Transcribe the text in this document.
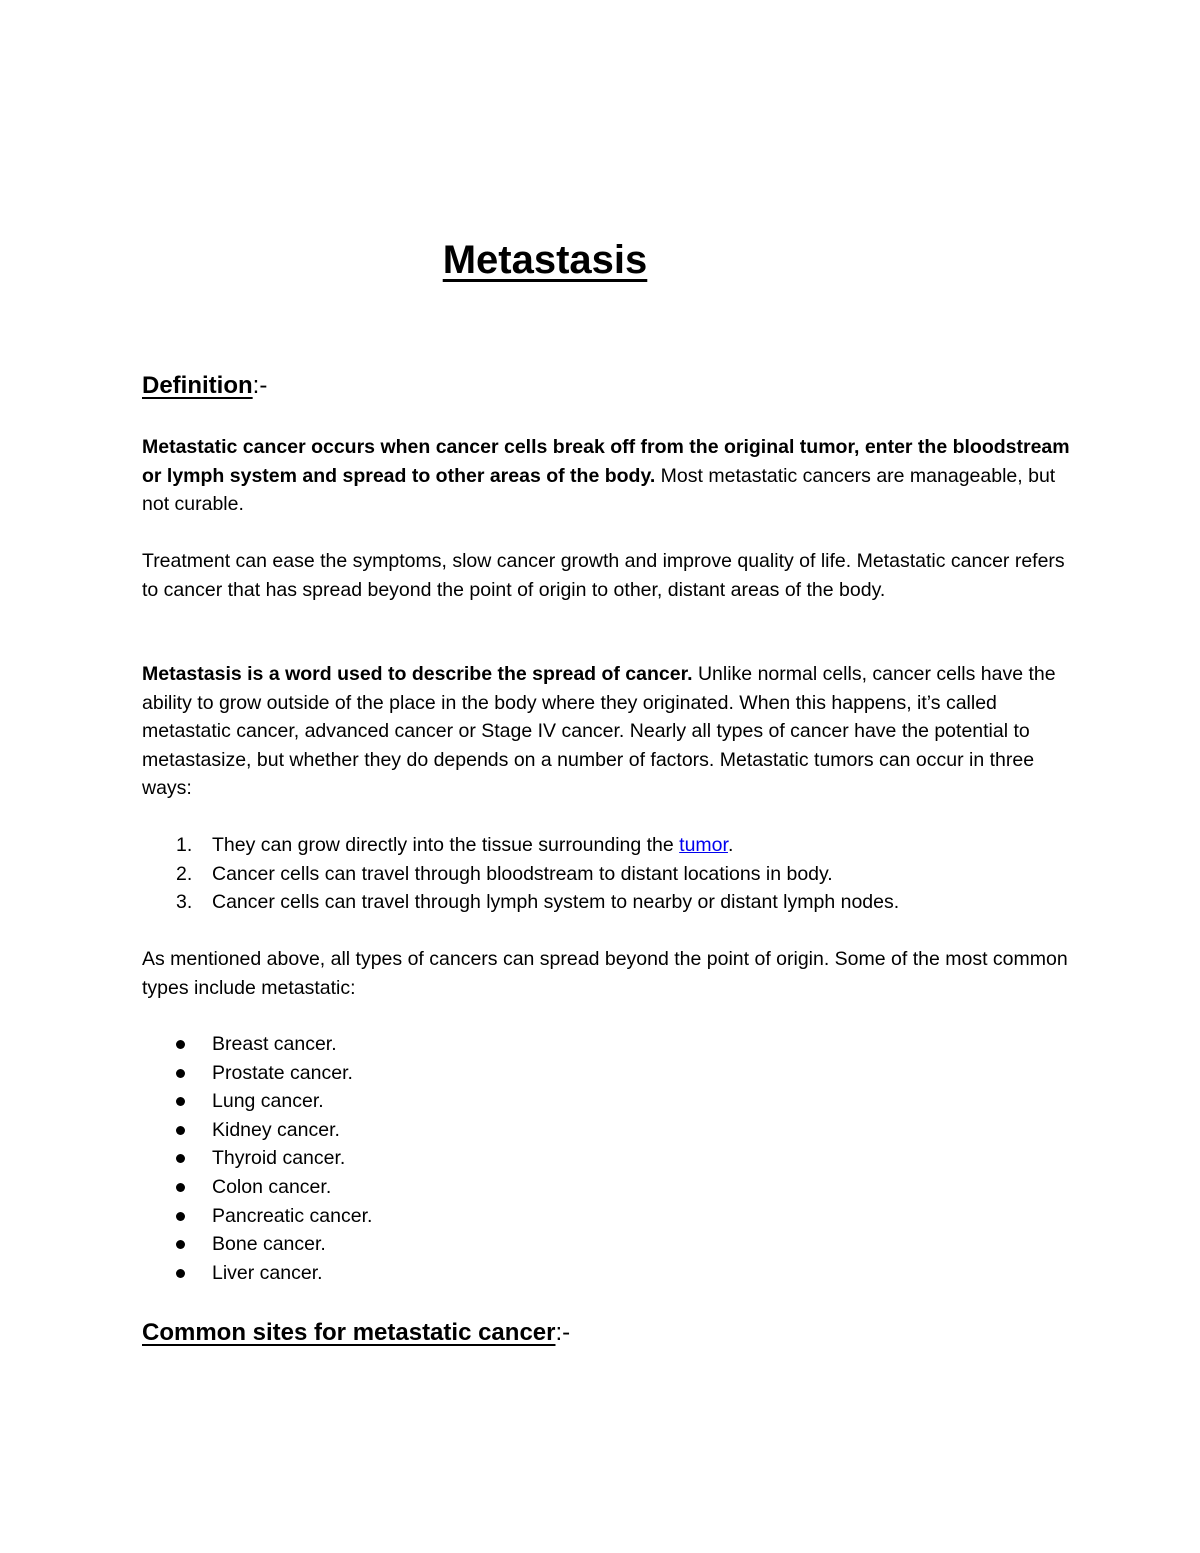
Metastasis

Definition:-

Metastatic cancer occurs when cancer cells break off from the original tumor, enter the bloodstream or lymph system and spread to other areas of the body. Most metastatic cancers are manageable, but not curable.

Treatment can ease the symptoms, slow cancer growth and improve quality of life. Metastatic cancer refers to cancer that has spread beyond the point of origin to other, distant areas of the body.

Metastasis is a word used to describe the spread of cancer. Unlike normal cells, cancer cells have the ability to grow outside of the place in the body where they originated. When this happens, it’s called metastatic cancer, advanced cancer or Stage IV cancer. Nearly all types of cancer have the potential to metastasize, but whether they do depends on a number of factors. Metastatic tumors can occur in three ways:

1. They can grow directly into the tissue surrounding the tumor.
2. Cancer cells can travel through bloodstream to distant locations in body.
3. Cancer cells can travel through lymph system to nearby or distant lymph nodes.

As mentioned above, all types of cancers can spread beyond the point of origin. Some of the most common types include metastatic:

Breast cancer.
Prostate cancer.
Lung cancer.
Kidney cancer.
Thyroid cancer.
Colon cancer.
Pancreatic cancer.
Bone cancer.
Liver cancer.

Common sites for metastatic cancer:-
